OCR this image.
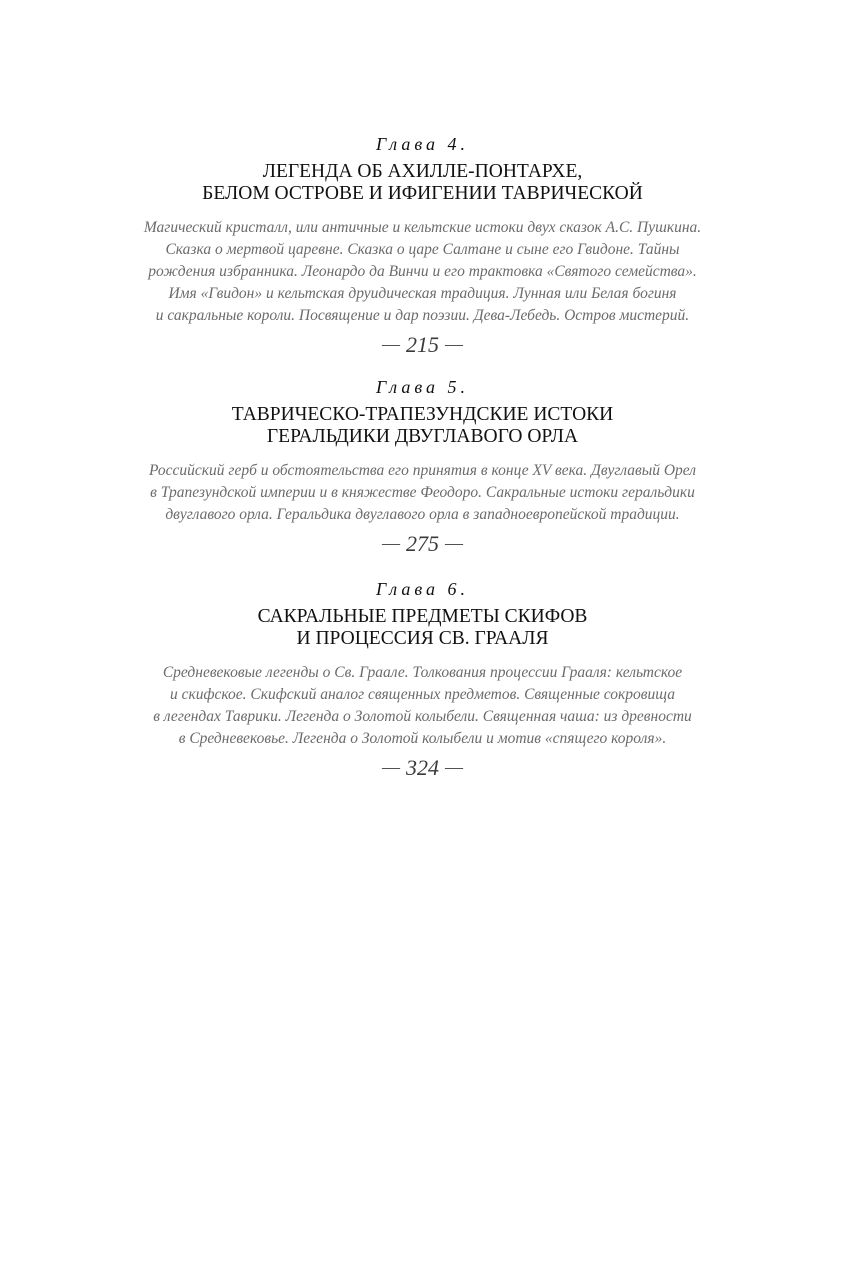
Глава 4.

ЛЕГЕНДА ОБ АХИЛЛЕ-ПОНТАРХЕ,
БЕЛОМ ОСТРОВЕ И ИФИГЕНИИ ТАВРИЧЕСКОЙ

Магический кристалл, или античные и кельтские истоки двух сказок А.С. Пушкина.
Сказка о мертвой царевне. Сказка о царе Салтане и сыне его Гвидоне. Тайны
рождения избранника. Леонардо да Винчи и его трактовка «Святого семейства».
Имя «Гвидон» и кельтская друидическая традиция. Лунная или Белая богиня
и сакральные короли. Посвящение и дар поэзии. Дева-Лебедь. Остров мистерий.

— 215 —

Глава 5.

ТАВРИЧЕСКО-ТРАПЕЗУНДСКИЕ ИСТОКИ
ГЕРАЛЬДИКИ ДВУГЛАВОГО ОРЛА

Российский герб и обстоятельства его принятия в конце XV века. Двуглавый Орел
в Трапезундской империи и в княжестве Феодоро. Сакральные истоки геральдики
двуглавого орла. Геральдика двуглавого орла в западноевропейской традиции.

— 275 —

Глава 6.

САКРАЛЬНЫЕ ПРЕДМЕТЫ СКИФОВ
И ПРОЦЕССИЯ СВ. ГРААЛЯ

Средневековые легенды о Св. Граале. Толкования процессии Грааля: кельтское
и скифское. Скифский аналог священных предметов. Священные сокровища
в легендах Таврики. Легенда о Золотой колыбели. Священная чаша: из древности
в Средневековье. Легенда о Золотой колыбели и мотив «спящего короля».

— 324 —
